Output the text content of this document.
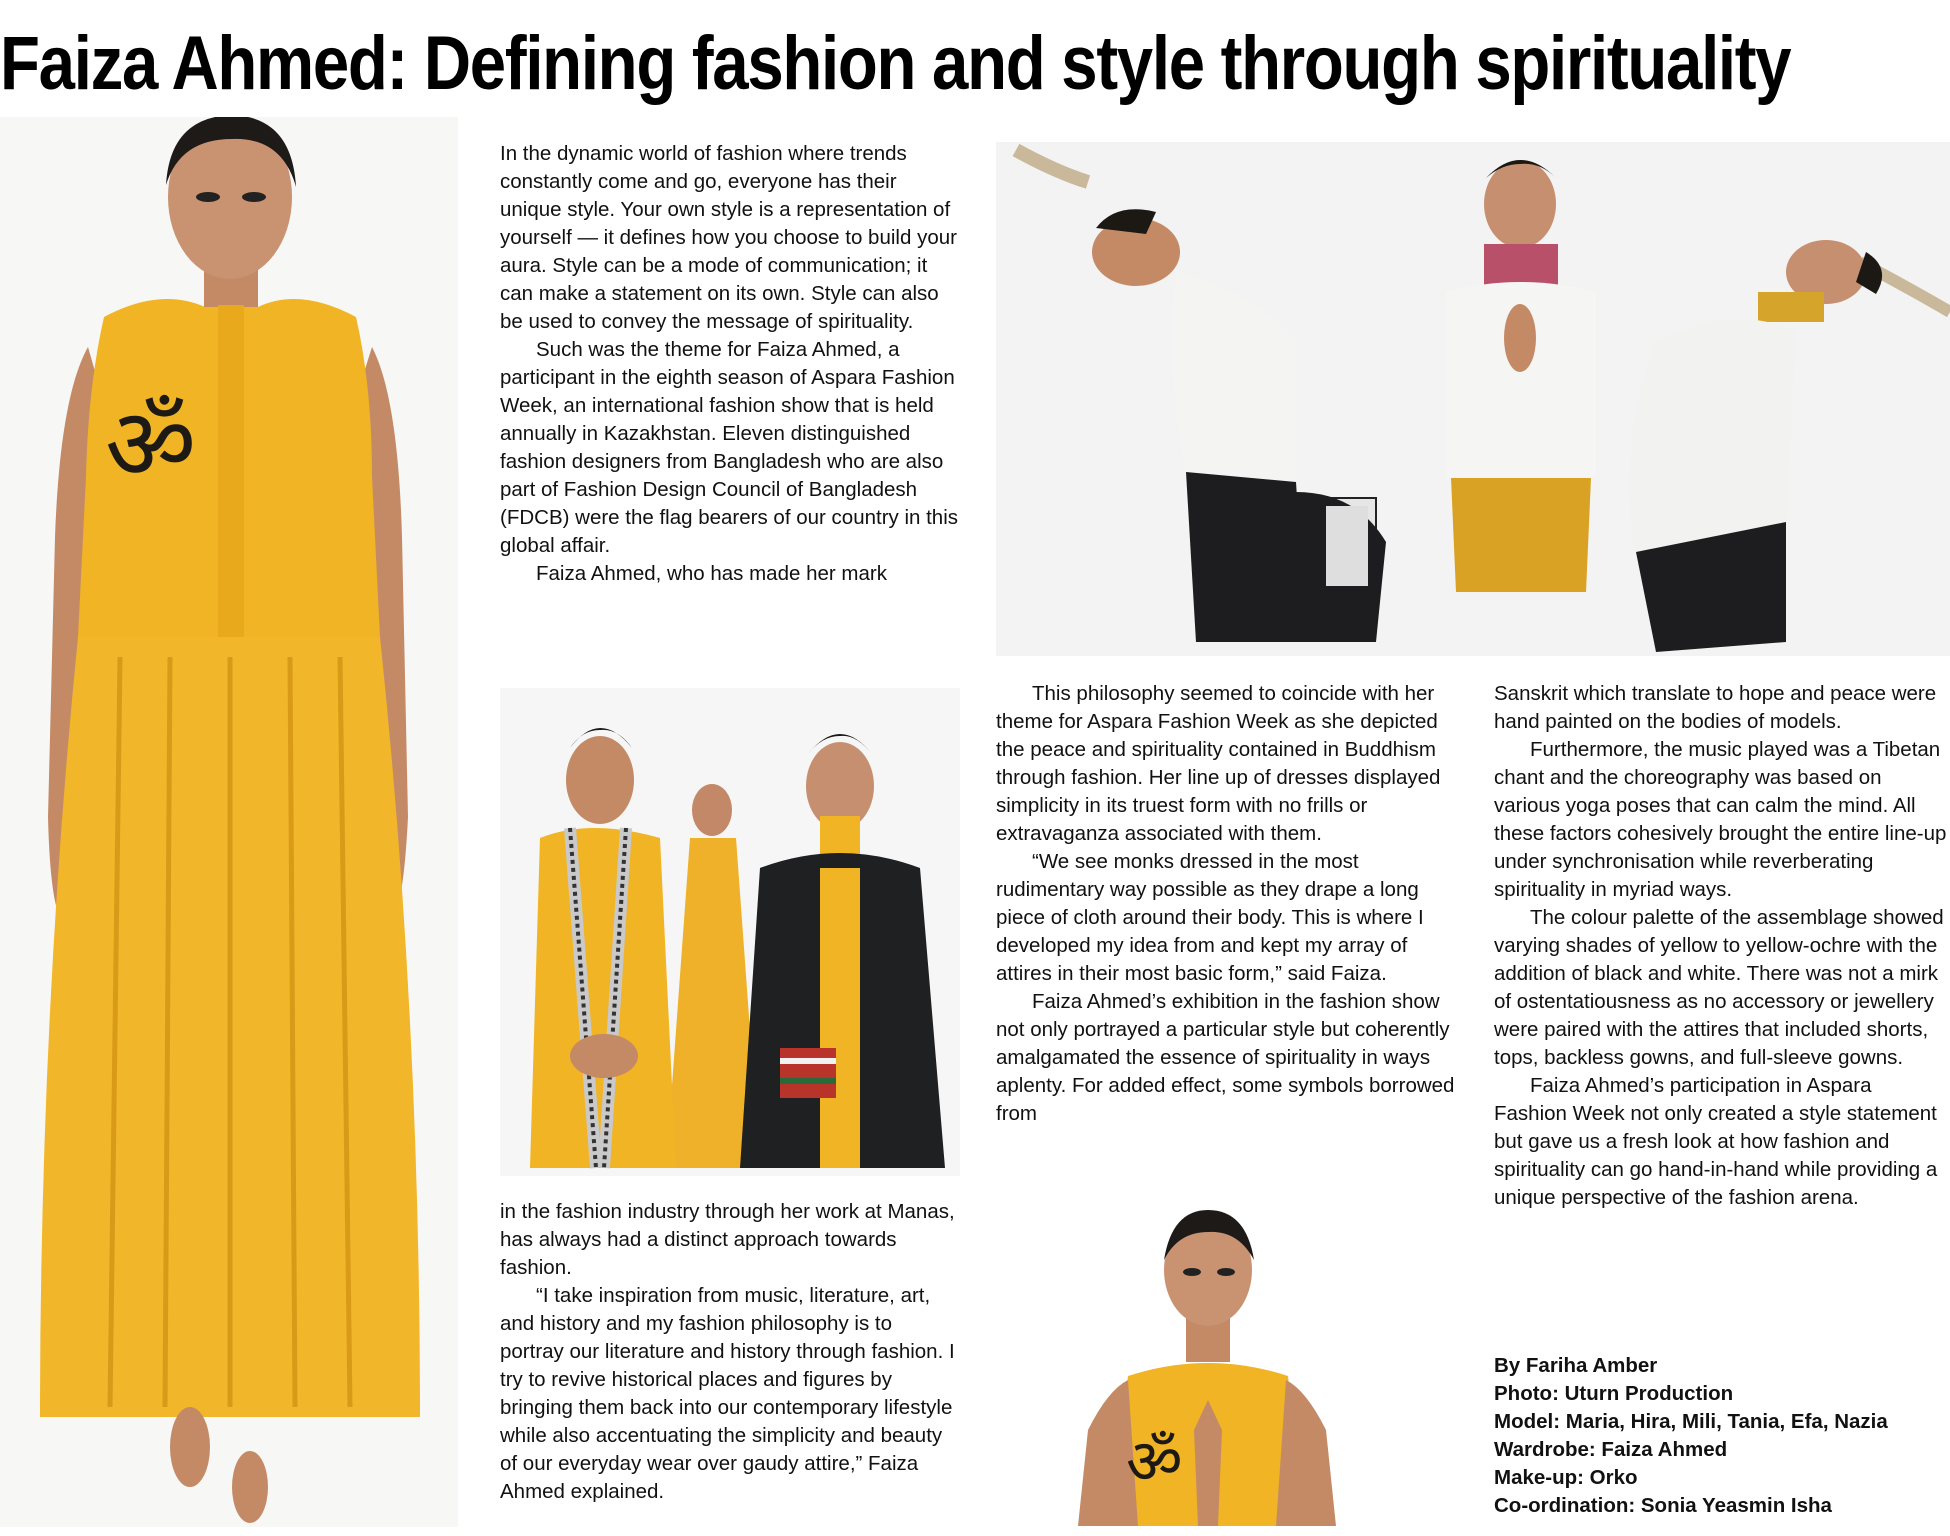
Faiza Ahmed: Defining fashion and style through spirituality
ॐ

In the dynamic world of fashion where trends constantly come and go, everyone has their unique style. Your own style is a representation of yourself — it defines how you choose to build your aura. Style can be a mode of communication; it can make a statement on its own. Style can also be used to convey the message of spirituality.

Such was the theme for Faiza Ahmed, a participant in the eighth season of Aspara Fashion Week, an international fashion show that is held annually in Kazakhstan. Eleven distinguished fashion designers from Bangladesh who are also part of Fashion Design Council of Bangladesh (FDCB) were the flag bearers of our country in this global affair.

Faiza Ahmed, who has made her mark

in the fashion industry through her work at Manas, has always had a distinct approach towards fashion.

“I take inspiration from music, literature, art, and history and my fashion philosophy is to portray our literature and history through fashion. I try to revive historical places and figures by bringing them back into our contemporary lifestyle while also accentuating the simplicity and beauty of our everyday wear over gaudy attire,” Faiza Ahmed explained.

This philosophy seemed to coincide with her theme for Aspara Fashion Week as she depicted the peace and spirituality contained in Buddhism through fashion. Her line up of dresses displayed simplicity in its truest form with no frills or extravaganza associated with them.

“We see monks dressed in the most rudimentary way possible as they drape a long piece of cloth around their body. This is where I developed my idea from and kept my array of attires in their most basic form,” said Faiza.

Faiza Ahmed’s exhibition in the fashion show not only portrayed a particular style but coherently amalgamated the essence of spirituality in ways aplenty. For added effect, some symbols borrowed from

ॐ

Sanskrit which translate to hope and peace were hand painted on the bodies of models.

Furthermore, the music played was a Tibetan chant and the choreography was based on various yoga poses that can calm the mind. All these factors cohesively brought the entire line-up under synchronisation while reverberating spirituality in myriad ways.

The colour palette of the assemblage showed varying shades of yellow to yellow-ochre with the addition of black and white. There was not a mirk of ostentatiousness as no accessory or jewellery were paired with the attires that included shorts, tops, backless gowns, and full-sleeve gowns.

Faiza Ahmed’s participation in Aspara Fashion Week not only created a style statement but gave us a fresh look at how fashion and spirituality can go hand-in-hand while providing a unique perspective of the fashion arena.

By Fariha Amber
Photo: Uturn Production
Model: Maria, Hira, Mili, Tania, Efa, Nazia
Wardrobe: Faiza Ahmed
Make-up: Orko
Co-ordination: Sonia Yeasmin Isha
